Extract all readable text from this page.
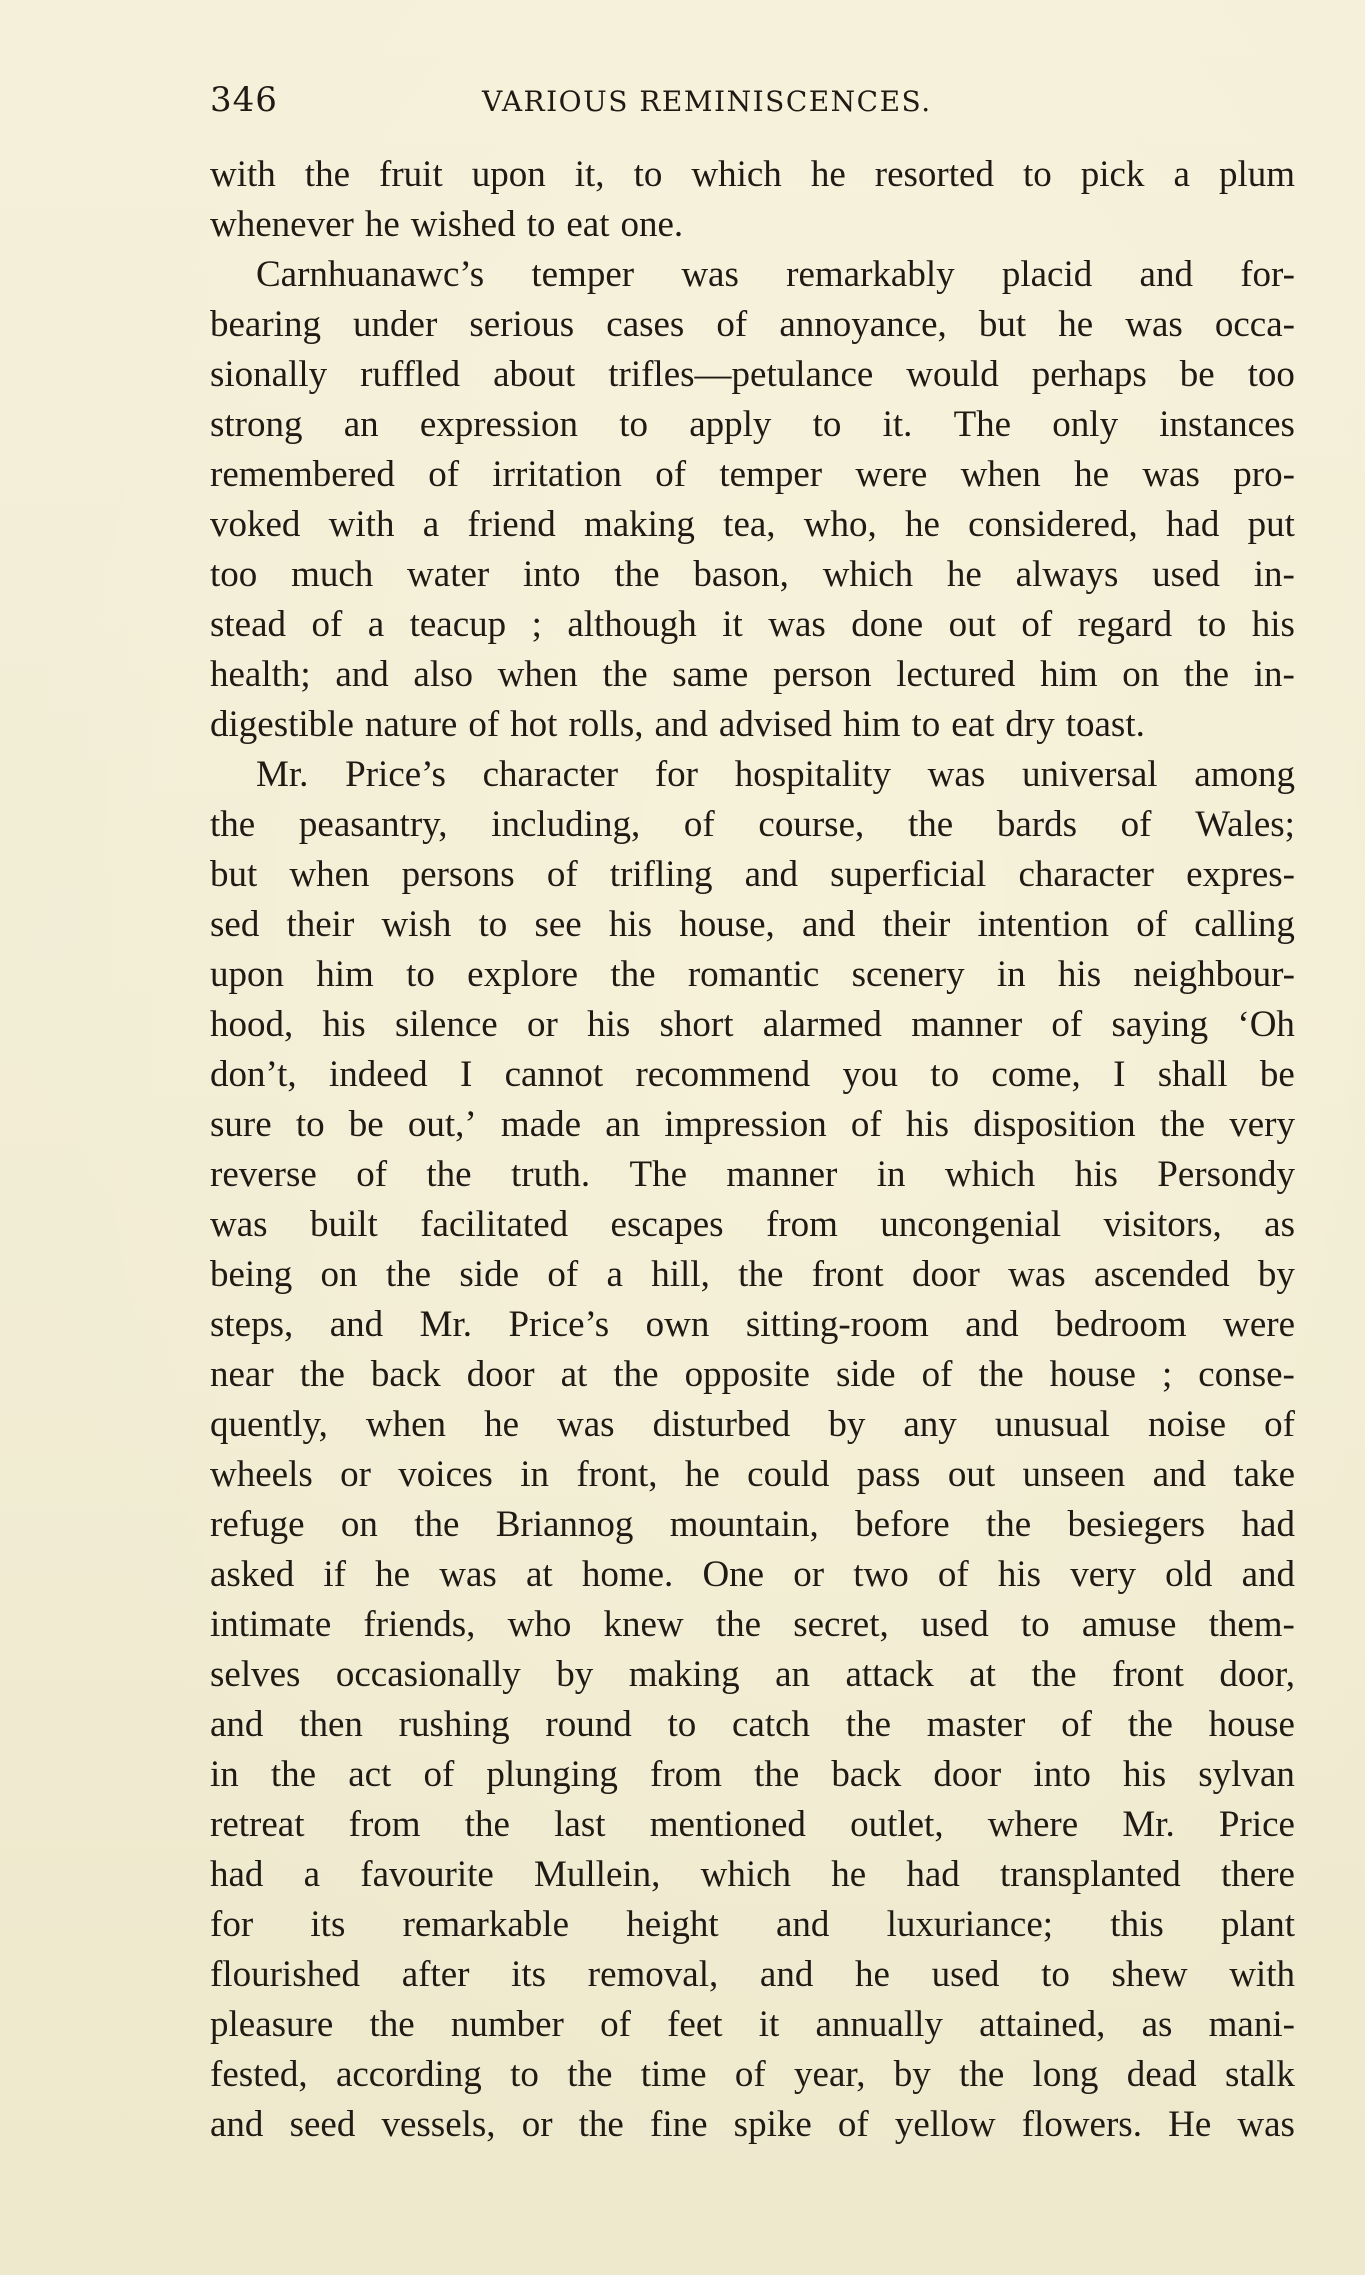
346	VARIOUS REMINISCENCES.
with the fruit upon it, to which he resorted to pick a plum
whenever he wished to eat one.
Carnhuanawc’s temper was remarkably placid and for-
bearing under serious cases of annoyance, but he was occa-
sionally ruffled about trifles—petulance would perhaps be too
strong an expression to apply to it. The only instances
remembered of irritation of temper were when he was pro-
voked with a friend making tea, who, he considered, had put
too much water into the bason, which he always used in-
stead of a teacup ; although it was done out of regard to his
health; and also when the same person lectured him on the in-
digestible nature of hot rolls, and advised him to eat dry toast.
Mr. Price’s character for hospitality was universal among
the peasantry, including, of course, the bards of Wales;
but when persons of trifling and superficial character expres-
sed their wish to see his house, and their intention of calling
upon him to explore the romantic scenery in his neighbour-
hood, his silence or his short alarmed manner of saying ‘Oh
don’t, indeed I cannot recommend you to come, I shall be
sure to be out,’ made an impression of his disposition the very
reverse of the truth. The manner in which his Persondy
was built facilitated escapes from uncongenial visitors, as
being on the side of a hill, the front door was ascended by
steps, and Mr. Price’s own sitting-room and bedroom were
near the back door at the opposite side of the house ; conse-
quently, when he was disturbed by any unusual noise of
wheels or voices in front, he could pass out unseen and take
refuge on the Briannog mountain, before the besiegers had
asked if he was at home. One or two of his very old and
intimate friends, who knew the secret, used to amuse them-
selves occasionally by making an attack at the front door,
and then rushing round to catch the master of the house
in the act of plunging from the back door into his sylvan
retreat from the last mentioned outlet, where Mr. Price
had a favourite Mullein, which he had transplanted there
for its remarkable height and luxuriance; this plant
flourished after its removal, and he used to shew with
pleasure the number of feet it annually attained, as mani-
fested, according to the time of year, by the long dead stalk
and seed vessels, or the fine spike of yellow flowers. He was
